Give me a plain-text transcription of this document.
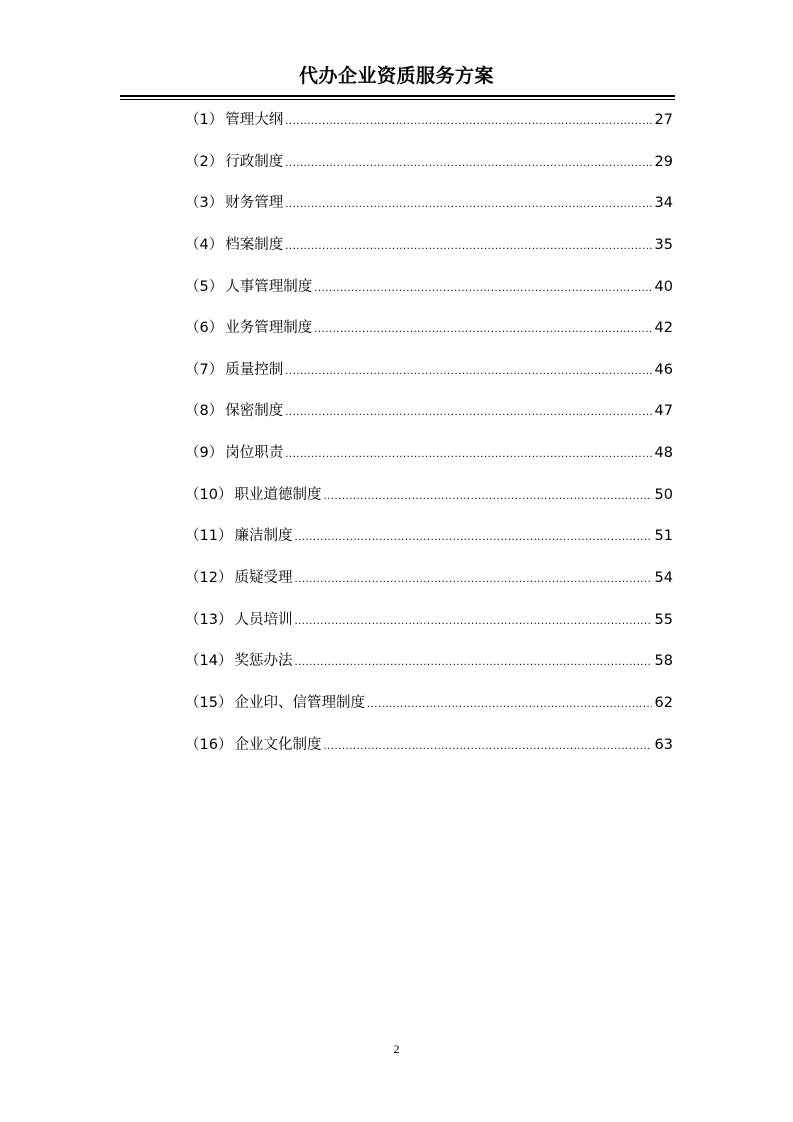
代办企业资质服务方案
（1） 管理大纲 .....	27
（2） 行政制度 .....	29
（3） 财务管理 .....	34
（4） 档案制度 .....	35
（5） 人事管理制度 .....	40
（6） 业务管理制度 .....	42
（7） 质量控制 .....	46
（8） 保密制度 .....	47
（9） 岗位职责 .....	48
（10） 职业道德制度 .....	50
（11） 廉洁制度 .....	51
（12） 质疑受理 .....	54
（13） 人员培训 .....	55
（14） 奖惩办法 .....	58
（15） 企业印、信管理制度 .....	62
（16） 企业文化制度 .....	63
2
